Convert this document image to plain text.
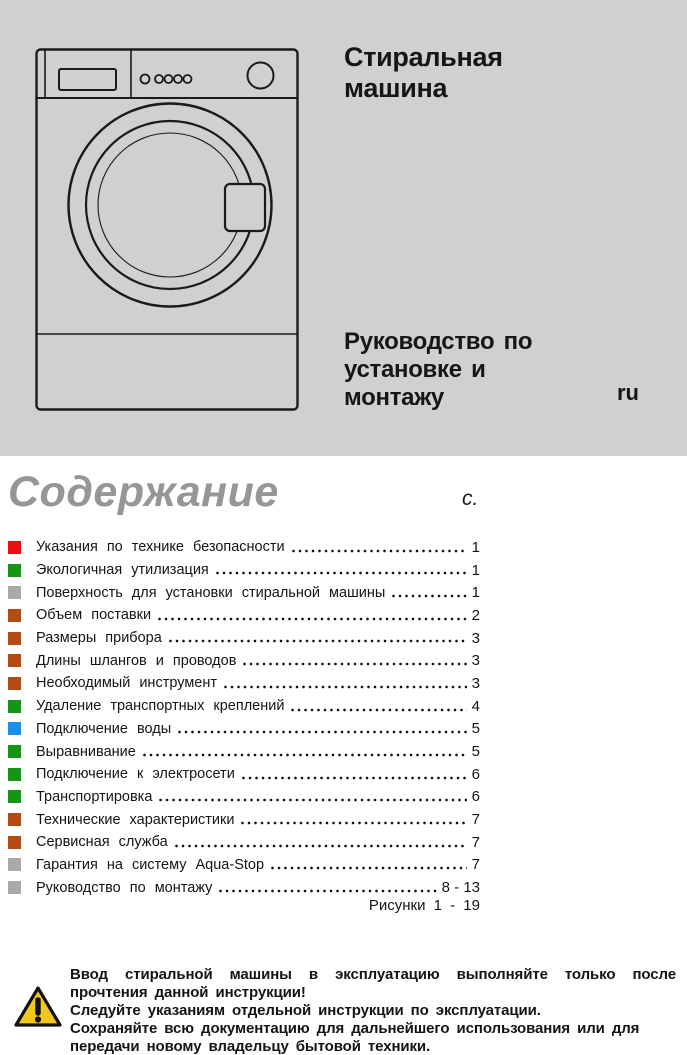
Стиральная машина
Руководство по установке и монтажу	ru
Содержание	с.
Указания по технике безопасности	1
Экологичная утилизация	1
Поверхность для установки стиральной машины	1
Объем поставки	2
Размеры прибора	3
Длины шлангов и проводов	3
Необходимый инструмент	3
Удаление транспортных креплений	4
Подключение воды	5
Выравнивание	5
Подключение к электросети	6
Транспортировка	6
Технические характеристики	7
Сервисная служба	7
Гарантия на систему Aqua-Stop	7
Руководство по монтажу	8 - 13
Рисунки 1 - 19

Ввод стиральной машины в эксплуатацию выполняйте только после прочтения данной инструкции!

Следуйте указаниям отдельной инструкции по эксплуатации.

Сохраняйте всю документацию для дальнейшего использования или для передачи новому владельцу бытовой техники.
